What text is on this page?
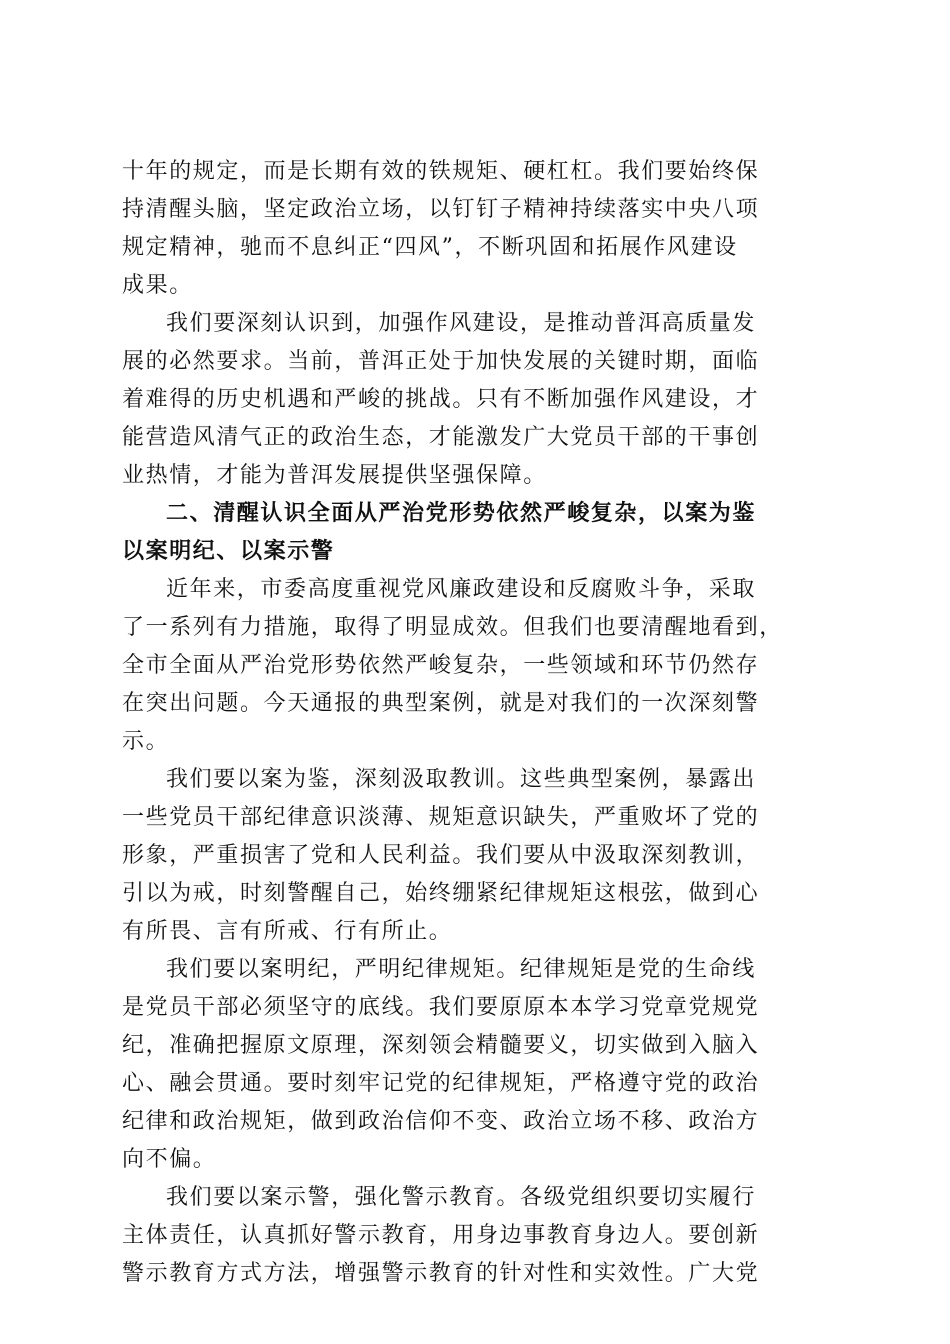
十年的规定，而是长期有效的铁规矩、硬杠杠。我们要始终保
持清醒头脑，坚定政治立场，以钉钉子精神持续落实中央八项
规定精神，驰而不息纠正“四风”，不断巩固和拓展作风建设
成果。
我们要深刻认识到，加强作风建设，是推动普洱高质量发
展的必然要求。当前，普洱正处于加快发展的关键时期，面临
着难得的历史机遇和严峻的挑战。只有不断加强作风建设，才
能营造风清气正的政治生态，才能激发广大党员干部的干事创
业热情，才能为普洱发展提供坚强保障。
二、清醒认识全面从严治党形势依然严峻复杂，以案为鉴
以案明纪、以案示警
近年来，市委高度重视党风廉政建设和反腐败斗争，采取
了一系列有力措施，取得了明显成效。但我们也要清醒地看到，
全市全面从严治党形势依然严峻复杂，一些领域和环节仍然存
在突出问题。今天通报的典型案例，就是对我们的一次深刻警
示。
我们要以案为鉴，深刻汲取教训。这些典型案例，暴露出
一些党员干部纪律意识淡薄、规矩意识缺失，严重败坏了党的
形象，严重损害了党和人民利益。我们要从中汲取深刻教训，
引以为戒，时刻警醒自己，始终绷紧纪律规矩这根弦，做到心
有所畏、言有所戒、行有所止。
我们要以案明纪，严明纪律规矩。纪律规矩是党的生命线
是党员干部必须坚守的底线。我们要原原本本学习党章党规党
纪，准确把握原文原理，深刻领会精髓要义，切实做到入脑入
心、融会贯通。要时刻牢记党的纪律规矩，严格遵守党的政治
纪律和政治规矩，做到政治信仰不变、政治立场不移、政治方
向不偏。
我们要以案示警，强化警示教育。各级党组织要切实履行
主体责任，认真抓好警示教育，用身边事教育身边人。要创新
警示教育方式方法，增强警示教育的针对性和实效性。广大党
